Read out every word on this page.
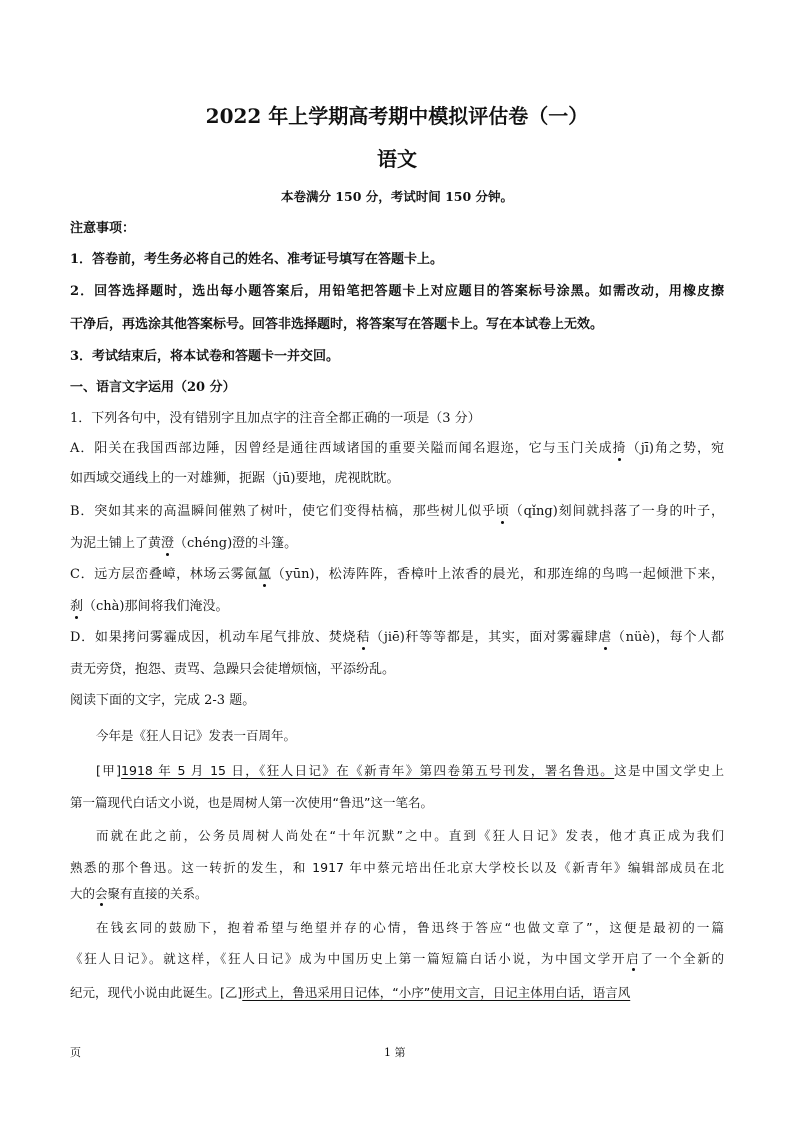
2022 年上学期高考期中模拟评估卷（一）
语文
本卷满分 150 分，考试时间 150 分钟。
注意事项：
1．答卷前，考生务必将自己的姓名、准考证号填写在答题卡上。
2．回答选择题时，选出每小题答案后，用铅笔把答题卡上对应题目的答案标号涂黑。如需改动，用橡皮擦
干净后，再选涂其他答案标号。回答非选择题时，将答案写在答题卡上。写在本试卷上无效。
3．考试结束后，将本试卷和答题卡一并交回。
一、语言文字运用（20 分）
1．下列各句中，没有错别字且加点字的注音全都正确的一项是（3 分）
A．阳关在我国西部边陲，因曾经是通往西域诸国的重要关隘而闻名遐迩，它与玉门关成掎（jī)角之势，宛
如西域交通线上的一对雄狮，扼踞（jū)要地，虎视眈眈。
B．突如其来的高温瞬间催熟了树叶，使它们变得枯槁，那些树儿似乎顷（qǐng)刻间就抖落了一身的叶子，
为泥土铺上了黄澄（chéng)澄的斗篷。
C．远方层峦叠嶂，林场云雾氤氲（yūn)，松涛阵阵，香樟叶上浓香的晨光，和那连绵的鸟鸣一起倾泄下来，
刹（chà)那间将我们淹没。
D．如果拷问雾霾成因，机动车尾气排放、焚烧秸（jiē)秆等等都是，其实，面对雾霾肆虐（nüè)，每个人都
责无旁贷，抱怨、责骂、急躁只会徒增烦恼，平添纷乱。
阅读下面的文字，完成 2-3 题。
今年是《狂人日记》发表一百周年。
[甲]1918 年 5 月 15 日，《狂人日记》在《新青年》第四卷第五号刊发，署名鲁迅。这是中国文学史上
第一篇现代白话文小说，也是周树人第一次使用“鲁迅”这一笔名。
而就在此之前，公务员周树人尚处在“十年沉默”之中。直到《狂人日记》发表，他才真正成为我们
熟悉的那个鲁迅。这一转折的发生，和 1917 年中蔡元培出任北京大学校长以及《新青年》编辑部成员在北
大的会聚有直接的关系。
在钱玄同的鼓励下，抱着希望与绝望并存的心情，鲁迅终于答应“也做文章了”，这便是最初的一篇
《狂人日记》。就这样，《狂人日记》成为中国历史上第一篇短篇白话小说，为中国文学开启了一个全新的
纪元，现代小说由此诞生。[乙]形式上，鲁迅采用日记体，“小序”使用文言，日记主体用白话，语言风
页	1 第
